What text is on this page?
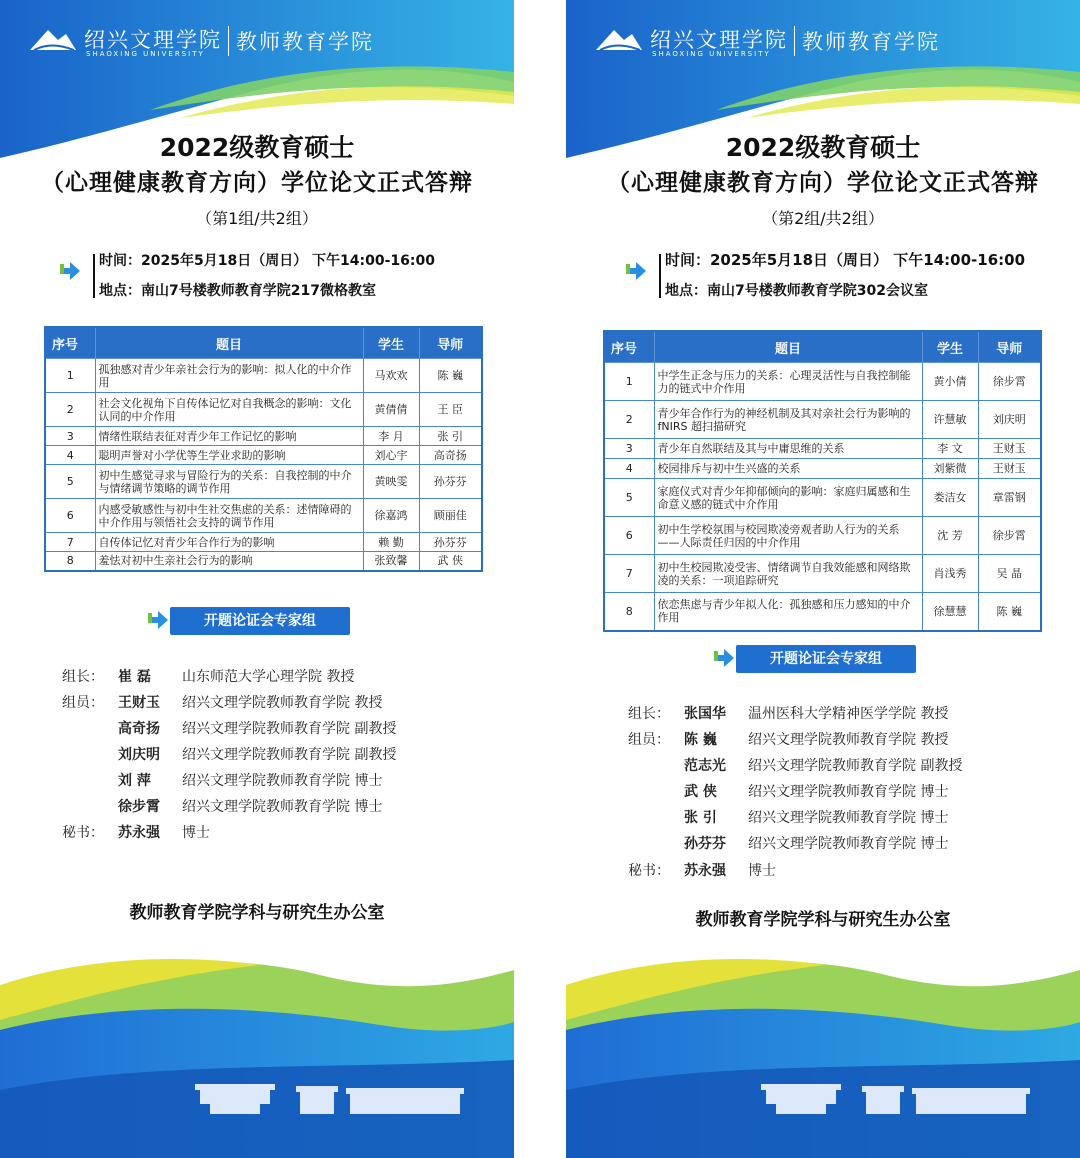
绍兴文理学院
SHAOXING UNIVERSITY 教师教育学院
2022级教育硕士
（心理健康教育方向）学位论文正式答辩
（第1组/共2组）
时间：2025年5月18日（周日） 下午14:00-16:00
地点：南山7号楼教师教育学院217微格教室
序号	题目	学生	导师
1	孤独感对青少年亲社会行为的影响：拟人化的中介作用	马欢欢	陈 巍
2	社会文化视角下自传体记忆对自我概念的影响：文化认同的中介作用	黄倩倩	王 臣
3	情绪性联结表征对青少年工作记忆的影响	李 月	张 引
4	聪明声誉对小学优等生学业求助的影响	刘心宇	高奇扬
5	初中生感觉寻求与冒险行为的关系：自我控制的中介与情绪调节策略的调节作用	黄映雯	孙芬芬
6	内感受敏感性与初中生社交焦虑的关系：述情障碍的中介作用与领悟社会支持的调节作用	徐嘉鸿	顾丽佳
7	自传体记忆对青少年合作行为的影响	赖 勤	孙芬芬
8	羞怯对初中生亲社会行为的影响	张致馨	武 侠
开题论证会专家组
组长： 崔 磊 山东师范大学心理学院 教授
组员： 王财玉 绍兴文理学院教师教育学院 教授
高奇扬 绍兴文理学院教师教育学院 副教授
刘庆明 绍兴文理学院教师教育学院 副教授
刘 萍 绍兴文理学院教师教育学院 博士
徐步霄 绍兴文理学院教师教育学院 博士
秘书： 苏永强 博士
教师教育学院学科与研究生办公室
绍兴文理学院
SHAOXING UNIVERSITY 教师教育学院
2022级教育硕士
（心理健康教育方向）学位论文正式答辩
（第2组/共2组）
时间：2025年5月18日（周日） 下午14:00-16:00
地点：南山7号楼教师教育学院302会议室
序号	题目	学生	导师
1	中学生正念与压力的关系：心理灵活性与自我控制能力的链式中介作用	黄小倩	徐步霄
2	青少年合作行为的神经机制及其对亲社会行为影响的 fNIRS 超扫描研究	许慧敏	刘庆明
3	青少年自然联结及其与中庸思维的关系	李 文	王财玉
4	校园排斥与初中生兴盛的关系	刘紫微	王财玉
5	家庭仪式对青少年抑郁倾向的影响：家庭归属感和生命意义感的链式中介作用	娄洁女	章雷钢
6	初中生学校氛围与校园欺凌旁观者助人行为的关系——人际责任归因的中介作用	沈 芳	徐步霄
7	初中生校园欺凌受害、情绪调节自我效能感和网络欺凌的关系：一项追踪研究	肖浅秀	吴 晶
8	依恋焦虑与青少年拟人化：孤独感和压力感知的中介作用	徐慧慧	陈 巍
开题论证会专家组
组长： 张国华 温州医科大学精神医学学院 教授
组员： 陈 巍 绍兴文理学院教师教育学院 教授
范志光 绍兴文理学院教师教育学院 副教授
武 侠 绍兴文理学院教师教育学院 博士
张 引 绍兴文理学院教师教育学院 博士
孙芬芬 绍兴文理学院教师教育学院 博士
秘书： 苏永强 博士
教师教育学院学科与研究生办公室
